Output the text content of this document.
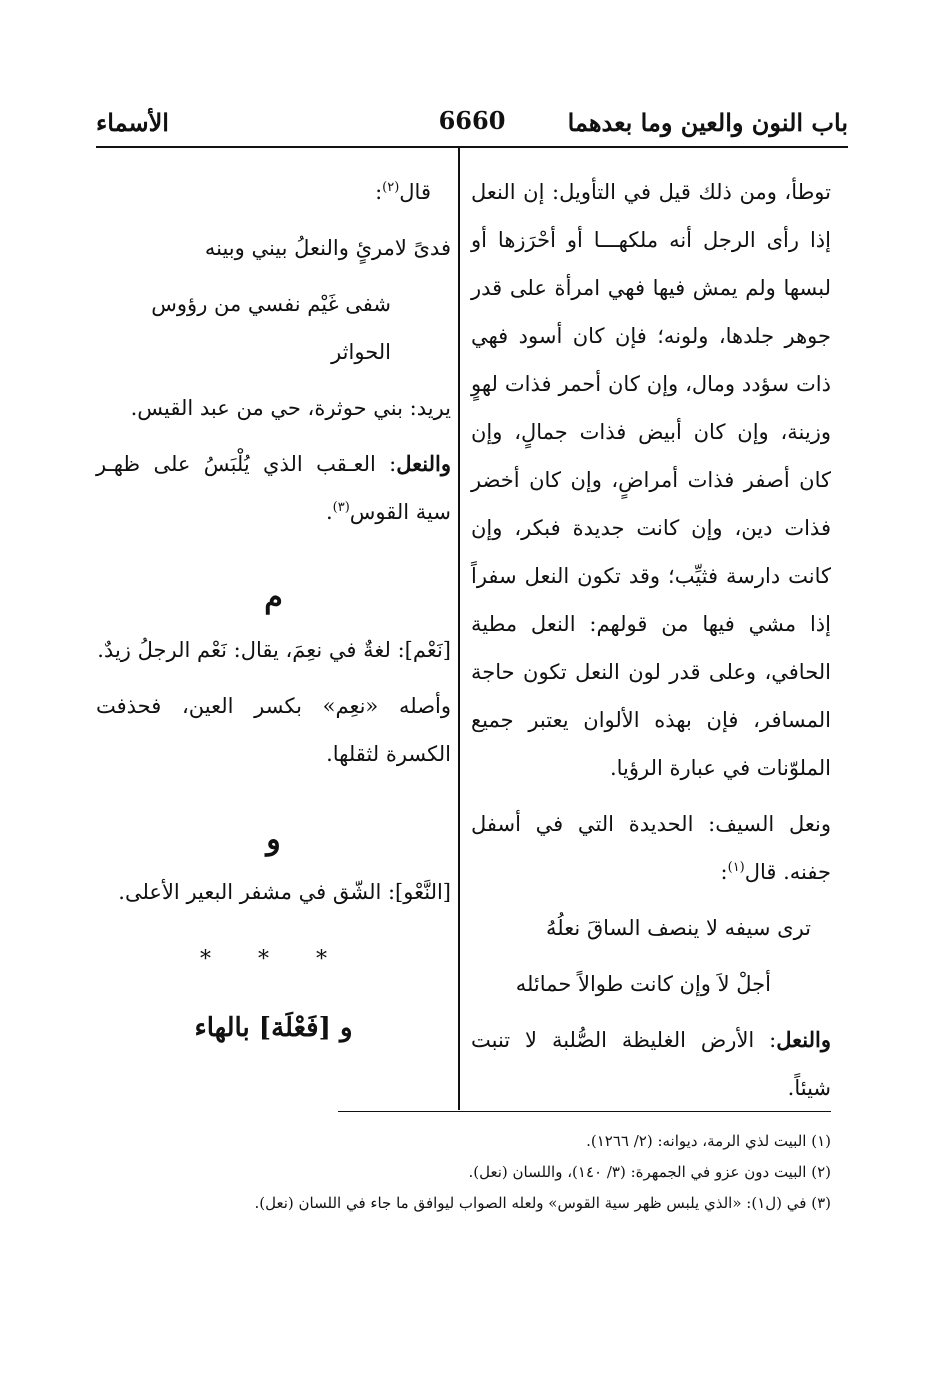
باب النون والعين وما بعدهما
6660
الأسماء

توطأ، ومن ذلك قيل في التأويل: إن النعل إذا رأى الرجل أنه ملكهـــا أو أحْرَزها أو لبسها ولم يمش فيها فهي امرأة على قدر جوهر جلدها، ولونه؛ فإن كان أسود فهي ذات سؤدد ومال، وإن كان أحمر فذات لهوٍ وزينة، وإن كان أبيض فذات جمالٍ، وإن كان أصفر فذات أمراضٍ، وإن كان أخضر فذات دين، وإن كانت جديدة فبكر، وإن كانت دارسة فثيِّب؛ وقد تكون النعل سفراً إذا مشي فيها من قولهم: النعل مطية الحافي، وعلى قدر لون النعل تكون حاجة المسافر، فإن بهذه الألوان يعتبر جميع الملوّنات في عبارة الرؤيا.

ونعل السيف: الحديدة التي في أسفل جفنه. قال$^{(١)}$:

ترى سيفه لا ينصف الساقَ نعلُهُ

أجلْ لاَ وإن كانت طوالاً حمائله

والنعل: الأرض الغليظة الصُّلبة لا تنبت شيئاً.

قال$^{(٢)}$:

فدىً لامرئٍ والنعلُ بيني وبينه

شفى غَيْم نفسي من رؤوس الحواثر

يريد: بني حوثرة، حي من عبد القيس.

والنعل: العـقب الذي يُلْبَسُ على ظهـر سية القوس$^{(٣)}$.

م

[نَعْم]: لغةٌ في نعِمَ، يقال: نَعْم الرجلُ زيدٌ.

وأصله «نعِم» بكسر العين، فحذفت الكسرة لثقلها.

و

[النَّعْو]: الشّق في مشفر البعير الأعلى.

* * *
و [فَعْلَة] بالهاء
(١) البيت لذي الرمة، ديوانه: (٢/ ١٢٦٦).
(٢) البيت دون عزو في الجمهرة: (٣/ ١٤٠)، واللسان (نعل).
(٣) في (ل١): «الذي يلبس ظهر سية القوس» ولعله الصواب ليوافق ما جاء في اللسان (نعل).
